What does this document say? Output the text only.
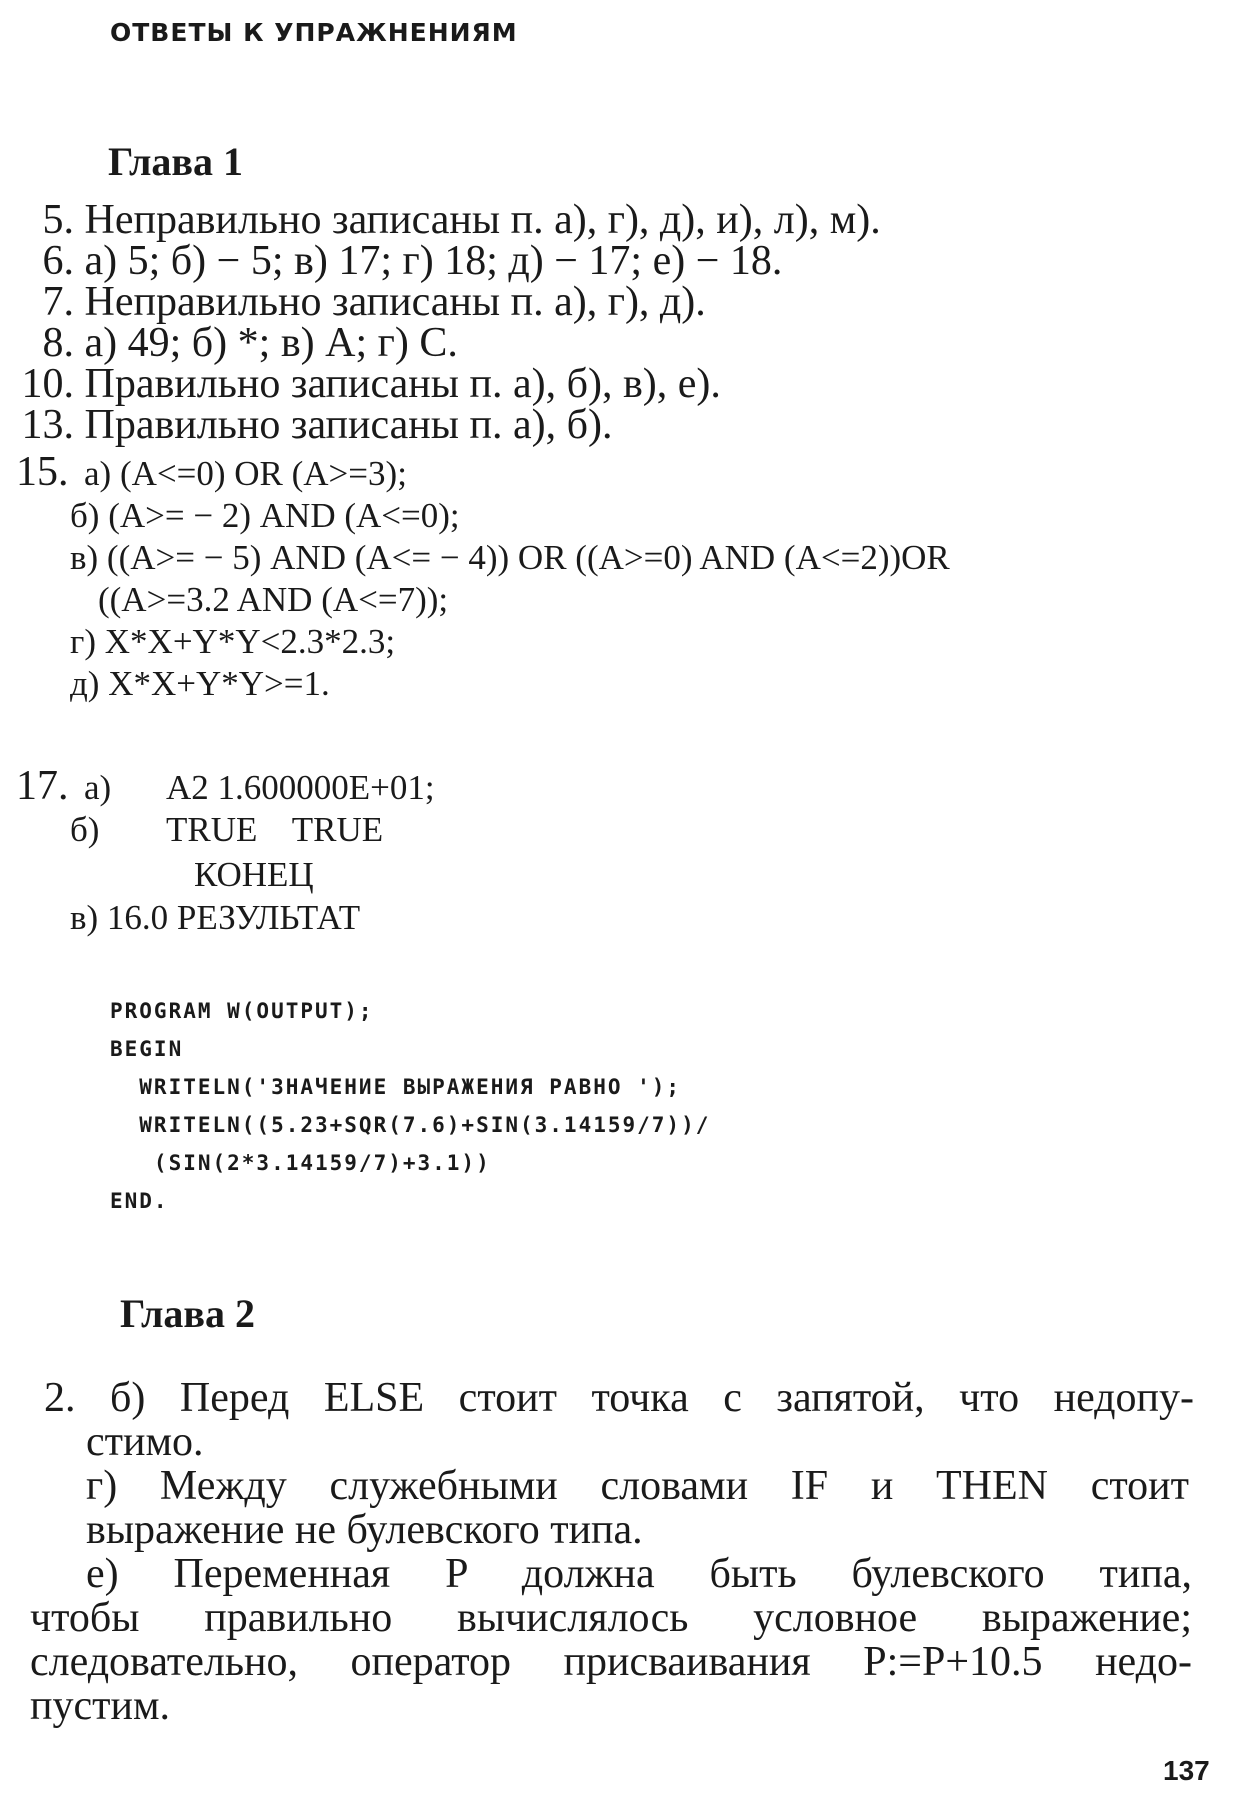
ОТВЕТЫ К УПРАЖНЕНИЯМ
Глава 1
5. Неправильно записаны п. а), г), д), и), л), м).
6. а) 5; б) − 5; в) 17; г) 18; д) − 17; е) − 18.
7. Неправильно записаны п. а), г), д).
8. а) 49; б) *; в) А; г) С.
10. Правильно записаны п. а), б), в), е).
13. Правильно записаны п. а), б).
15. а) (A<=0) OR (A>=3);
б) (A>= − 2) AND (A<=0);
в) ((A>= − 5) AND (A<= − 4)) OR ((A>=0) AND (A<=2))OR
((A>=3.2 AND (A<=7));
г) X*X+Y*Y<2.3*2.3;
д) X*X+Y*Y>=1.
17. а) A2 1.600000E+01;
б) TRUE    TRUE
КОНЕЦ
в) 16.0 РЕЗУЛЬТАТ
PROGRAM W(OUTPUT);
BEGIN
WRITELN('ЗНАЧЕНИЕ ВЫРАЖЕНИЯ РАВНО ');
WRITELN((5.23+SQR(7.6)+SIN(3.14159/7))/
(SIN(2*3.14159/7)+3.1))
END.
Глава 2
2. б) Перед ELSE стоит точка с запятой, что недопу-
стимо.
г) Между служебными словами IF и THEN стоит
выражение не булевского типа.
е) Переменная P должна быть булевского типа,
чтобы правильно вычислялось условное выражение;
следовательно, оператор присваивания P:=P+10.5 недо-
пустим.
137
